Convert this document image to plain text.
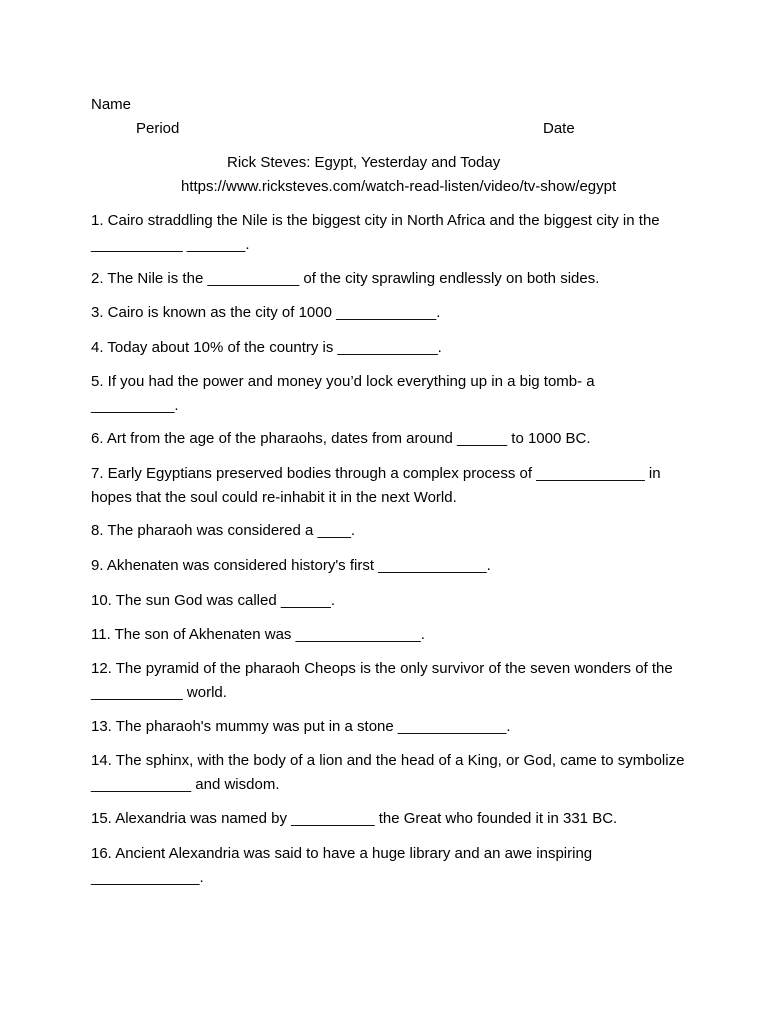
Name
Period	Date
Rick Steves: Egypt, Yesterday and Today
https://www.ricksteves.com/watch-read-listen/video/tv-show/egypt
1. Cairo straddling the Nile is the biggest city in North Africa and the biggest city in the ___________ _______.
2. The Nile is the ___________ of the city sprawling endlessly on both sides.
3. Cairo is known as the city of 1000 ____________.
4. Today about 10% of the country is ____________.
5. If you had the power and money you’d lock everything up in a big tomb- a __________.
6. Art from the age of the pharaohs, dates from around ______ to 1000 BC.
7. Early Egyptians preserved bodies through a complex process of _____________ in hopes that the soul could re-inhabit it in the next World.
8. The pharaoh was considered a ____.
9. Akhenaten was considered history's first _____________.
10. The sun God was called ______.
11. The son of Akhenaten was _______________.
12. The pyramid of the pharaoh Cheops is the only survivor of the seven wonders of the ___________ world.
13. The pharaoh's mummy was put in a stone _____________.
14. The sphinx, with the body of a lion and the head of a King, or God, came to symbolize ____________ and wisdom.
15. Alexandria was named by __________ the Great who founded it in 331 BC.
16. Ancient Alexandria was said to have a huge library and an awe inspiring _____________.
